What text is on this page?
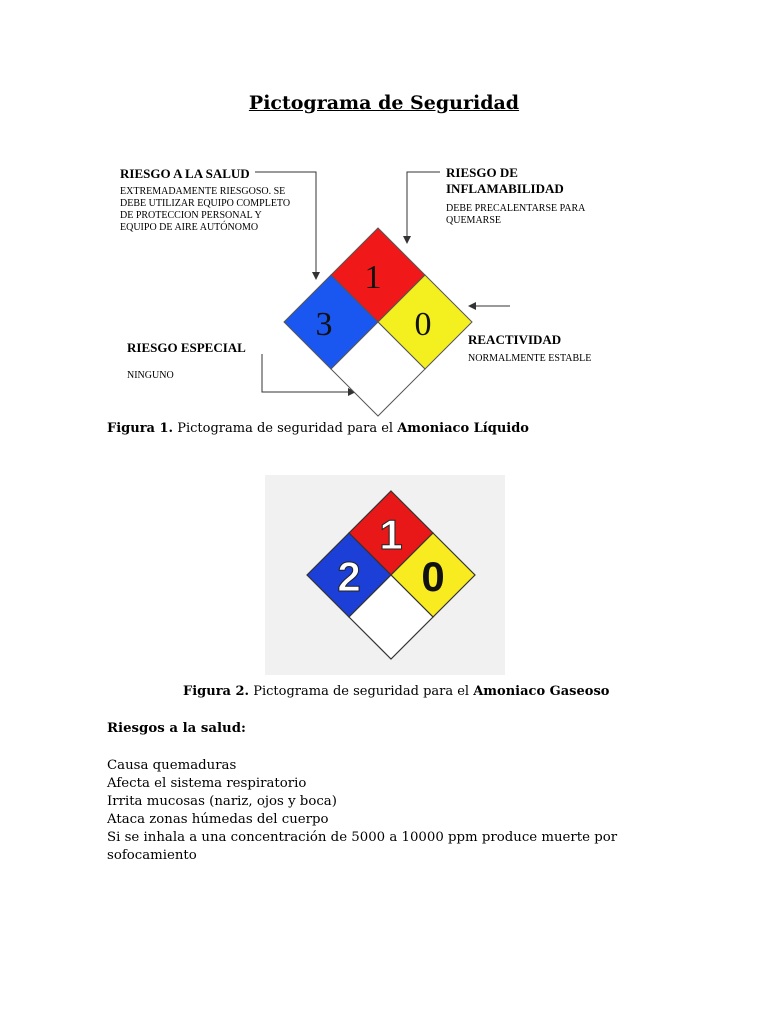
Pictograma de Seguridad
RIESGO A LA SALUD
EXTREMADAMENTE RIESGOSO. SE DEBE UTILIZAR EQUIPO COMPLETO DE PROTECCION PERSONAL Y EQUIPO DE AIRE AUTÓNOMO
RIESGO DE
INFLAMABILIDAD
DEBE PRECALENTARSE PARA
QUEMARSE
RIESGO ESPECIAL
NINGUNO
REACTIVIDAD
NORMALMENTE ESTABLE
1
3 0
Figura 1. Pictograma de seguridad para el Amoniaco Líquido
1
2 0
Figura 2. Pictograma de seguridad para el Amoniaco Gaseoso
Riesgos a la salud:
Causa quemaduras
Afecta el sistema respiratorio
Irrita mucosas (nariz, ojos y boca)
Ataca zonas húmedas del cuerpo
Si se inhala a una concentración de 5000 a 10000 ppm produce muerte por
sofocamiento
